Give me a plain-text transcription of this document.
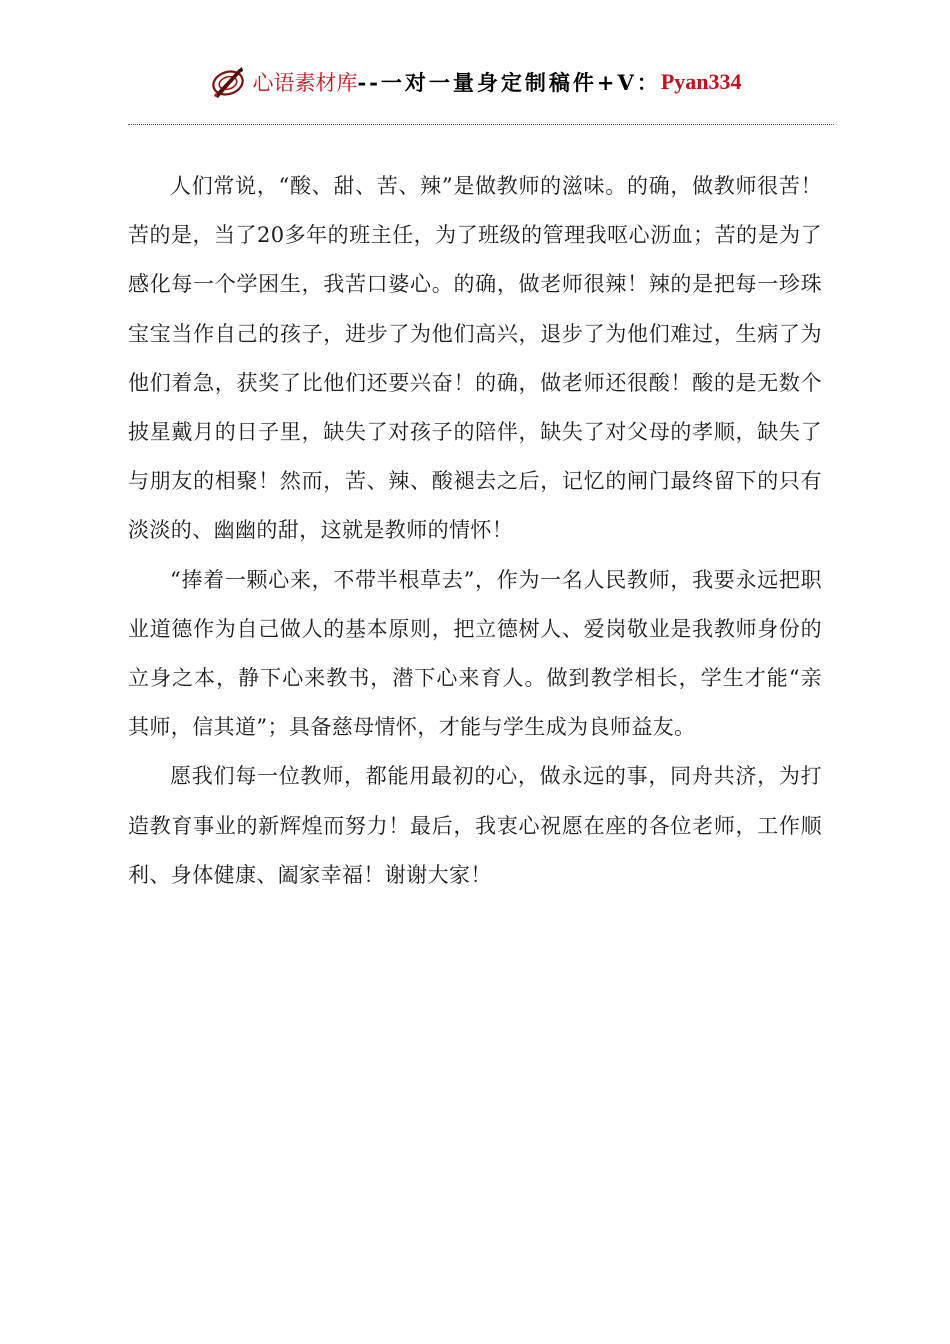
心语素材库 -- 一对一量身定制稿件+V： Pyan334

人们常说，“酸、甜、苦、辣”是做教师的滋味。的确，做教师很苦！苦的是，当了20多年的班主任，为了班级的管理我呕心沥血；苦的是为了感化每一个学困生，我苦口婆心。的确，做老师很辣！辣的是把每一珍珠宝宝当作自己的孩子，进步了为他们高兴，退步了为他们难过，生病了为他们着急，获奖了比他们还要兴奋！的确，做老师还很酸！酸的是无数个披星戴月的日子里，缺失了对孩子的陪伴，缺失了对父母的孝顺，缺失了与朋友的相聚！然而，苦、辣、酸褪去之后，记忆的闸门最终留下的只有淡淡的、幽幽的甜，这就是教师的情怀！

“捧着一颗心来，不带半根草去”，作为一名人民教师，我要永远把职业道德作为自己做人的基本原则，把立德树人、爱岗敬业是我教师身份的立身之本，静下心来教书，潜下心来育人。做到教学相长，学生才能“亲其师，信其道”；具备慈母情怀，才能与学生成为良师益友。

愿我们每一位教师，都能用最初的心，做永远的事，同舟共济，为打造教育事业的新辉煌而努力！最后，我衷心祝愿在座的各位老师，工作顺利、身体健康、阖家幸福！谢谢大家！
